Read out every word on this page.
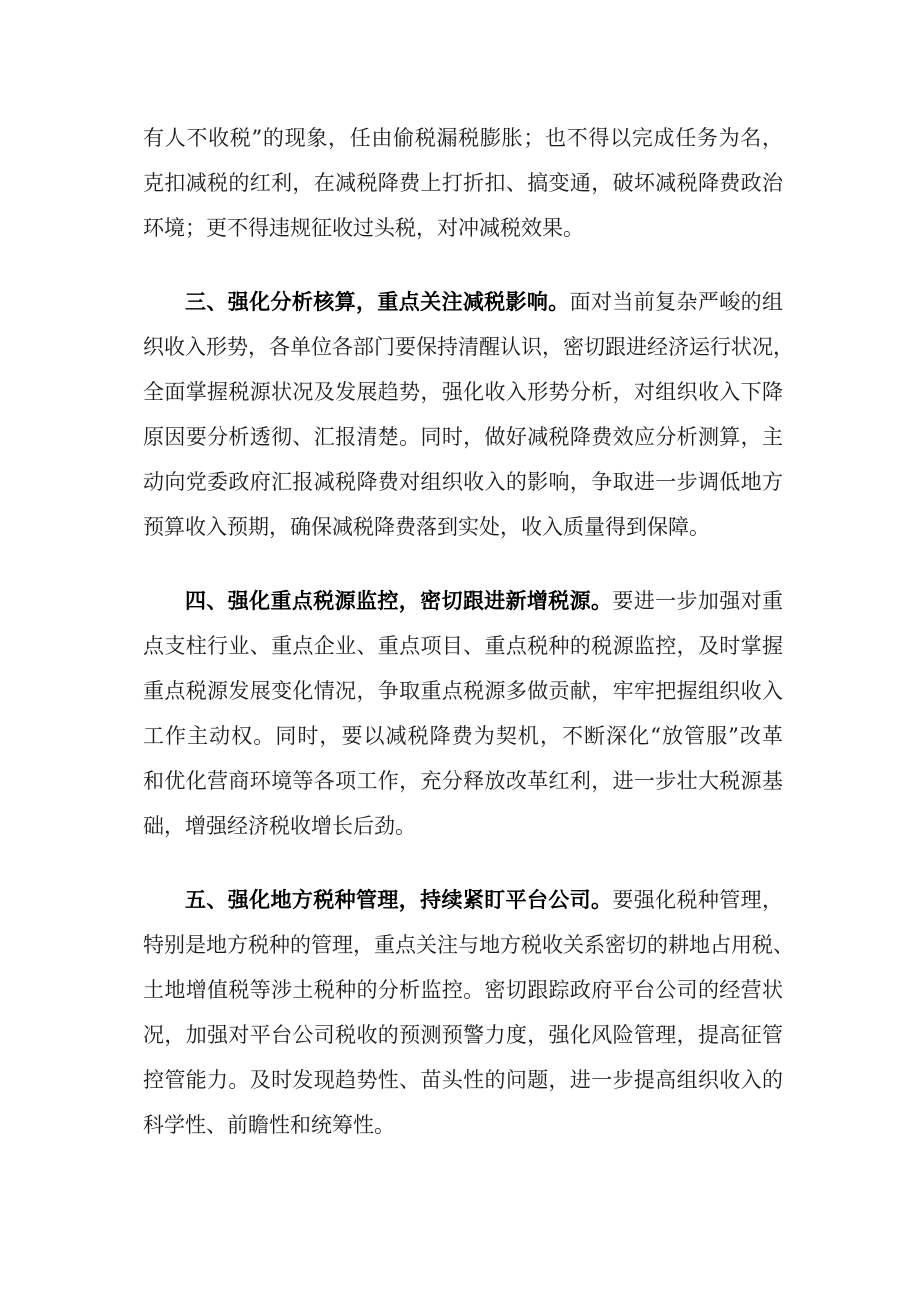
有人不收税”的现象，任由偷税漏税膨胀；也不得以完成任务为名，
克扣减税的红利，在减税降费上打折扣、搞变通，破坏减税降费政治
环境；更不得违规征收过头税，对冲减税效果。
三、强化分析核算，重点关注减税影响。面对当前复杂严峻的组
织收入形势，各单位各部门要保持清醒认识，密切跟进经济运行状况，
全面掌握税源状况及发展趋势，强化收入形势分析，对组织收入下降
原因要分析透彻、汇报清楚。同时，做好减税降费效应分析测算，主
动向党委政府汇报减税降费对组织收入的影响，争取进一步调低地方
预算收入预期，确保减税降费落到实处，收入质量得到保障。
四、强化重点税源监控，密切跟进新增税源。要进一步加强对重
点支柱行业、重点企业、重点项目、重点税种的税源监控，及时掌握
重点税源发展变化情况，争取重点税源多做贡献，牢牢把握组织收入
工作主动权。同时，要以减税降费为契机，不断深化“放管服”改革
和优化营商环境等各项工作，充分释放改革红利，进一步壮大税源基
础，增强经济税收增长后劲。
五、强化地方税种管理，持续紧盯平台公司。要强化税种管理，
特别是地方税种的管理，重点关注与地方税收关系密切的耕地占用税、
土地增值税等涉土税种的分析监控。密切跟踪政府平台公司的经营状
况，加强对平台公司税收的预测预警力度，强化风险管理，提高征管
控管能力。及时发现趋势性、苗头性的问题，进一步提高组织收入的
科学性、前瞻性和统筹性。
